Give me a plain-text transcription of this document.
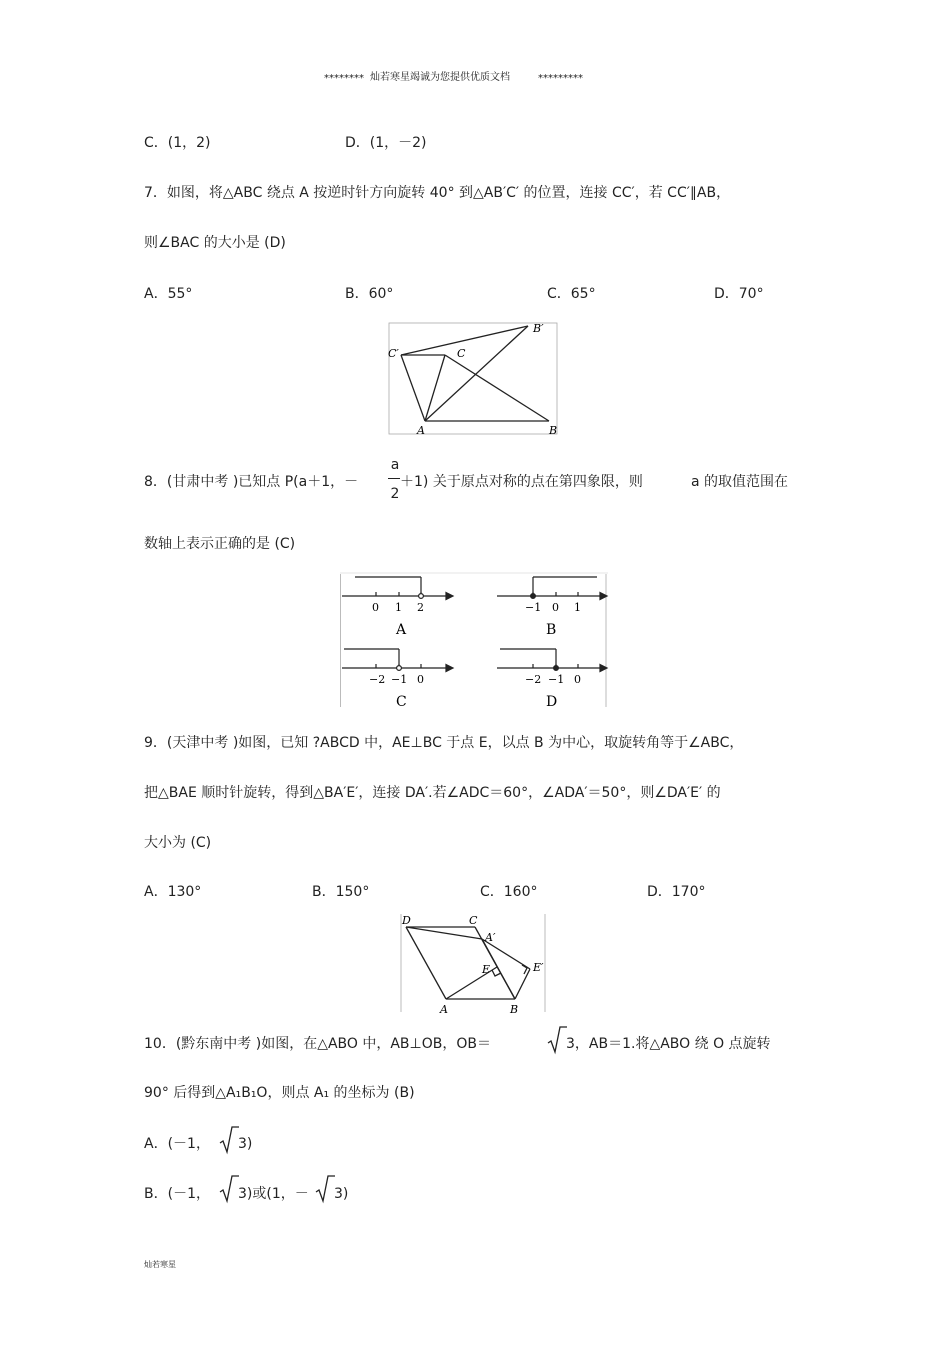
******** 灿若寒星竭诚为您提供优质文档	*********
C．(1，2)	D．(1，－2)
7．如图，将△ABC 绕点 A 按逆时针方向旋转 40° 到△AB′C′ 的位置，连接 CC′，若 CC′∥AB，
则∠BAC 的大小是 (D)
A．55°	B．60°	C．65°	D．70°
C′	C
B′
A	B
8．(甘肃中考 )已知点 P(a＋1，－
a
2
＋1) 关于原点对称的点在第四象限，则	a 的取值范围在
数轴上表示正确的是 (C)
0 1 2
A
−1 0 1
B
−2 −1 0
C
−2 −1 0
D
9．(天津中考 )如图，已知 ?ABCD 中，AE⊥BC 于点 E，以点 B 为中心，取旋转角等于∠ABC，
把△BAE 顺时针旋转，得到△BA′E′，连接 DA′.若∠ADC＝60°，∠ADA′＝50°，则∠DA′E′ 的
大小为 (C)
A．130°	B．150°	C．160°	D．170°
D	C
A′
E	E′
A	B
10．(黔东南中考 )如图，在△ABO 中，AB⊥OB，OB＝	3，AB＝1.将△ABO 绕 O 点旋转
90° 后得到△A₁B₁O，则点 A₁ 的坐标为 (B)
A．(－1， 3)
B．(－1， 3)或(1，－ 3)
灿若寒星
